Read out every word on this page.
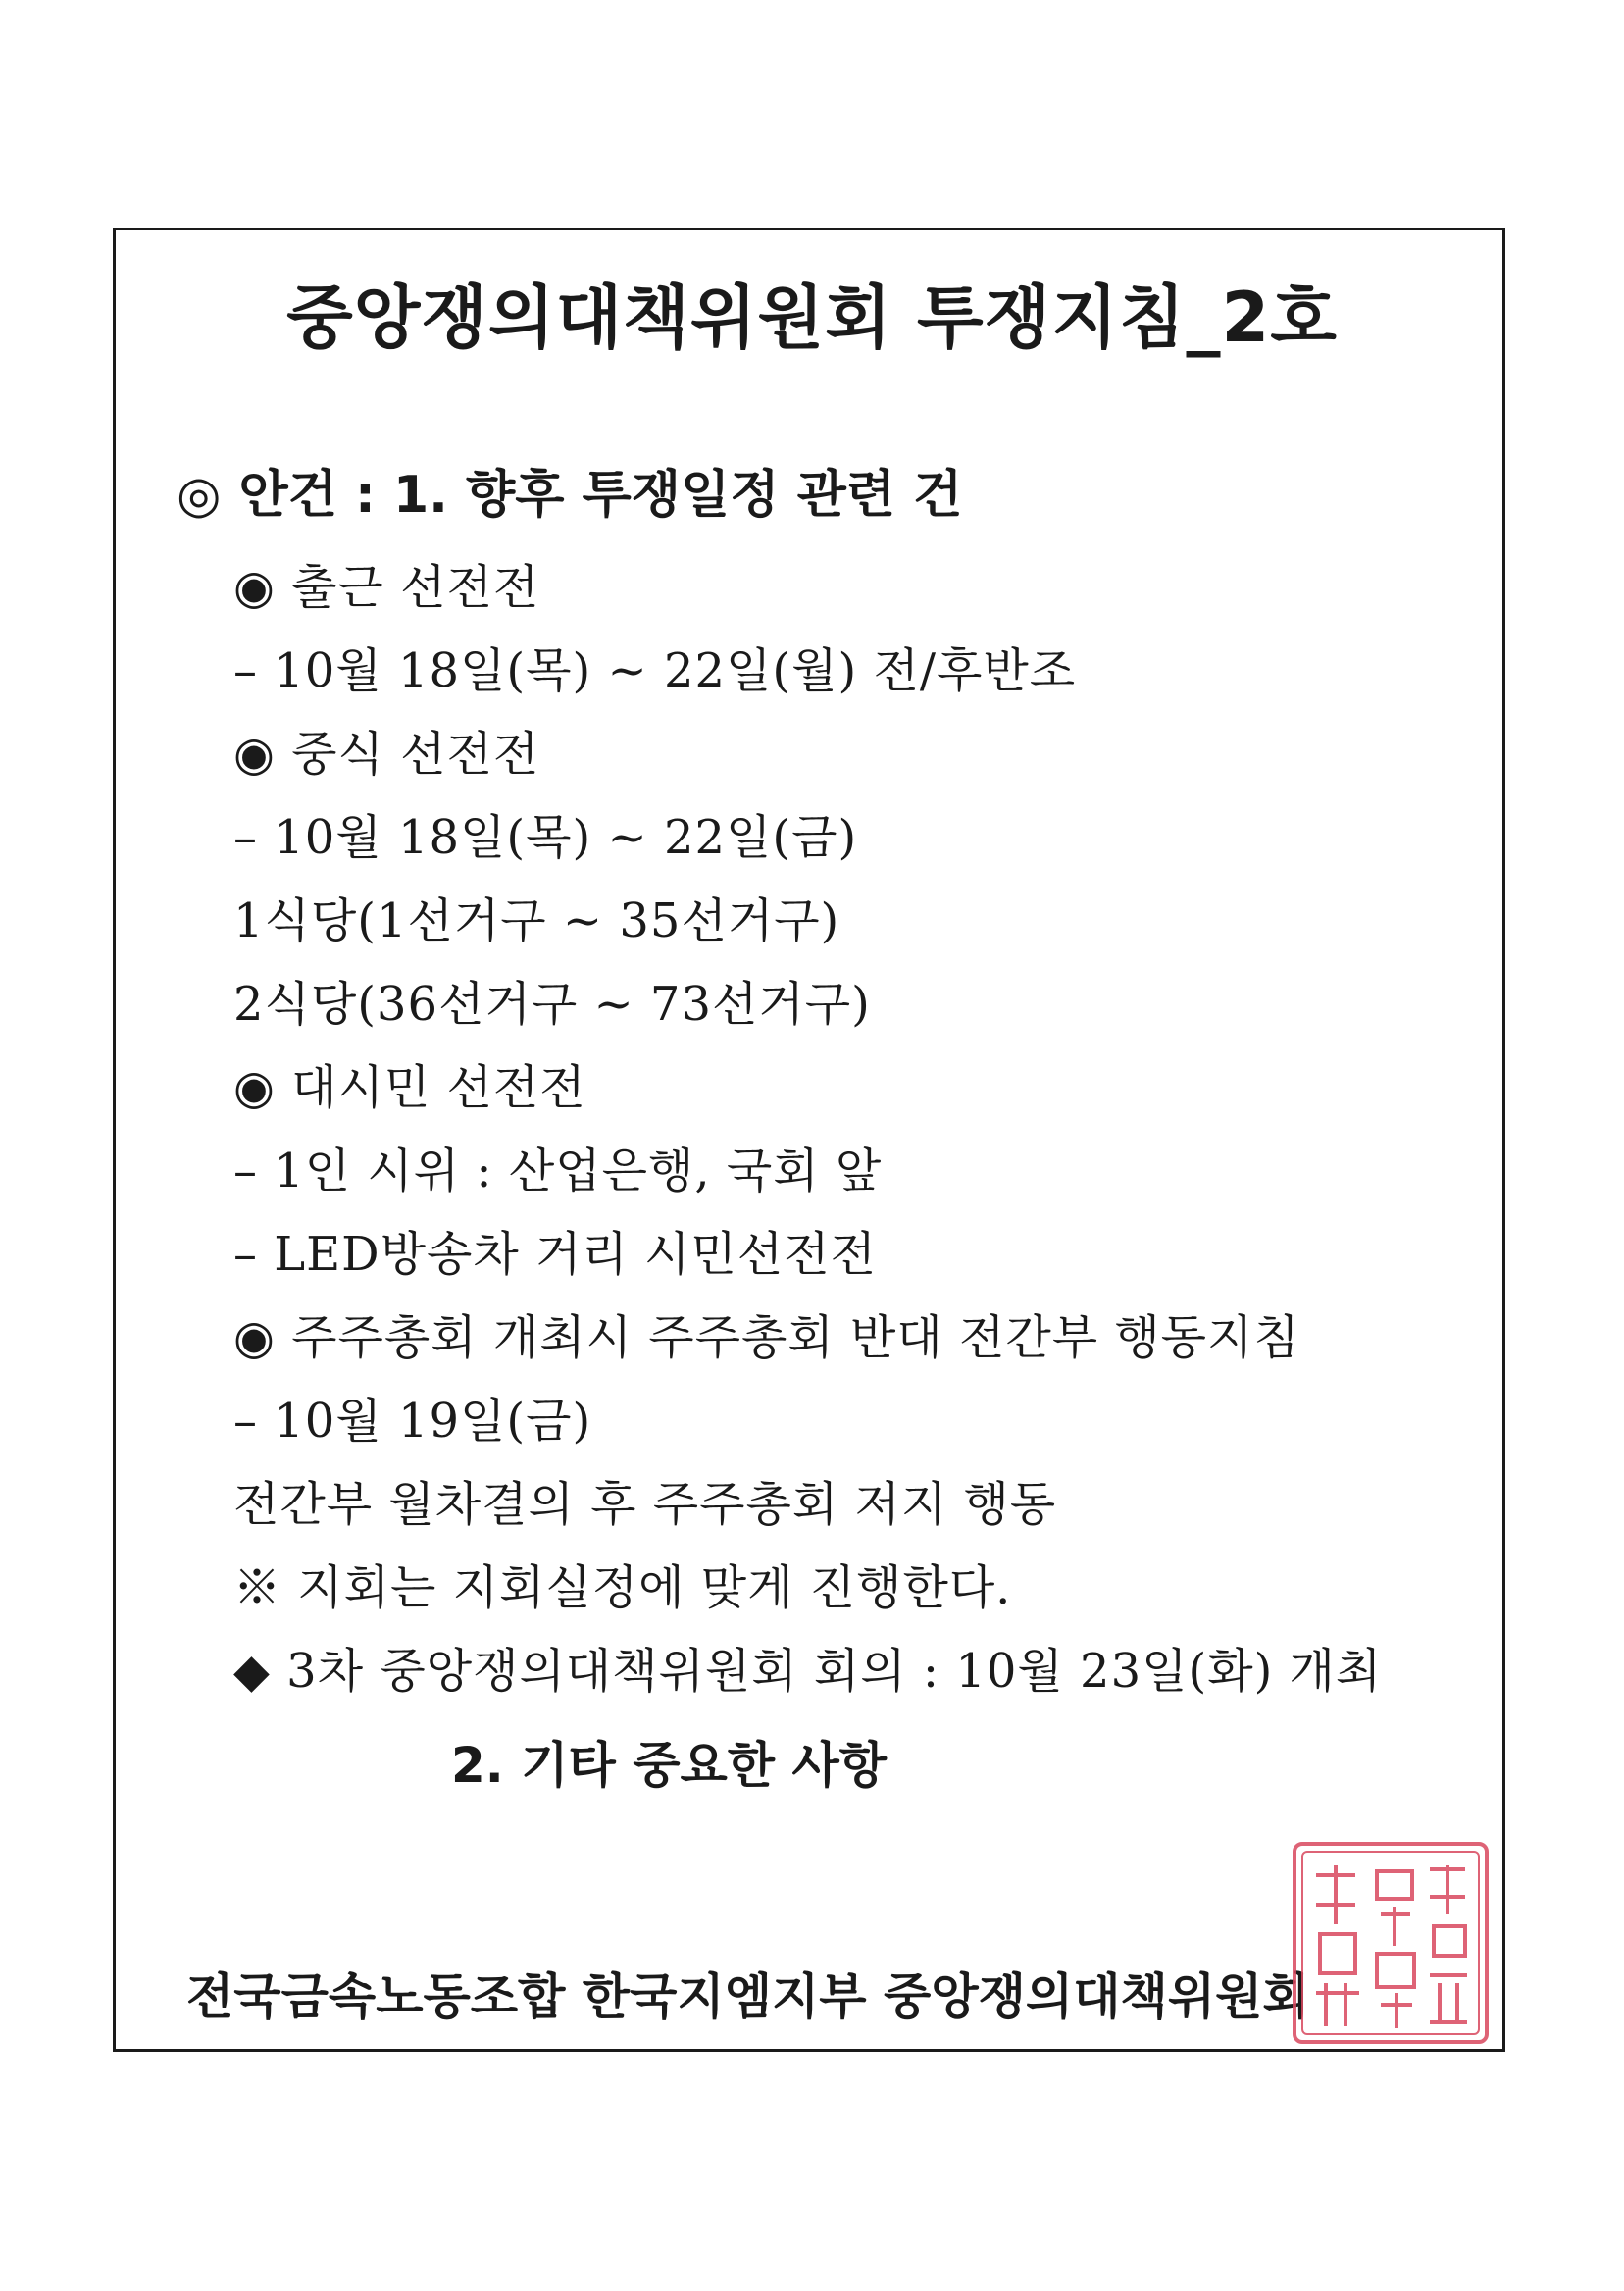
중앙쟁의대책위원회 투쟁지침_2호
◎ 안건 : 1. 향후 투쟁일정 관련 건
◉ 출근 선전전
– 10월 18일(목) ~ 22일(월) 전/후반조
◉ 중식 선전전
– 10월 18일(목) ~ 22일(금)
1식당(1선거구 ~ 35선거구)
2식당(36선거구 ~ 73선거구)
◉ 대시민 선전전
– 1인 시위 : 산업은행, 국회 앞
– LED방송차 거리 시민선전전
◉ 주주총회 개최시 주주총회 반대 전간부 행동지침
– 10월 19일(금)
전간부 월차결의 후 주주총회 저지 행동
※ 지회는 지회실정에 맞게 진행한다.
◆ 3차 중앙쟁의대책위원회 회의 : 10월 23일(화) 개최
2. 기타 중요한 사항
전국금속노동조합 한국지엠지부 중앙쟁의대책위원회
